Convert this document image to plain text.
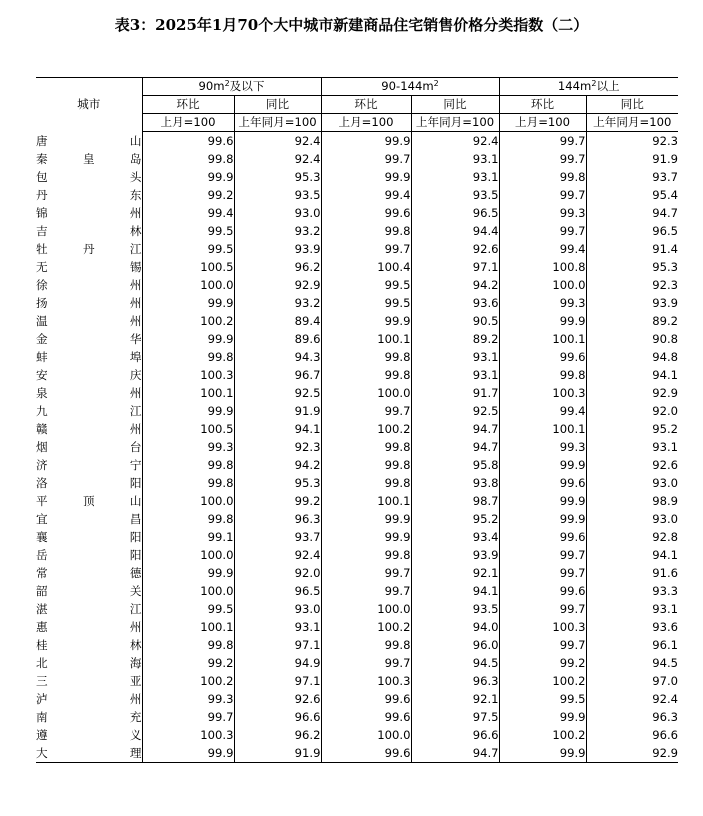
表3：2025年1月70个大中城市新建商品住宅销售价格分类指数（二）
城市	$90m^2$及以下		$90-144m^2$		$144m^2$以上	
	环比	同比	环比	同比	环比	同比
	上月=100	上年同月=100	上月=100	上年同月=100	上月=100	上年同月=100
唐山	99.6	92.4	99.9	92.4	99.7	92.3
秦皇岛	99.8	92.4	99.7	93.1	99.7	91.9
包头	99.9	95.3	99.9	93.1	99.8	93.7
丹东	99.2	93.5	99.4	93.5	99.7	95.4
锦州	99.4	93.0	99.6	96.5	99.3	94.7
吉林	99.5	93.2	99.8	94.4	99.7	96.5
牡丹江	99.5	93.9	99.7	92.6	99.4	91.4
无锡	100.5	96.2	100.4	97.1	100.8	95.3
徐州	100.0	92.9	99.5	94.2	100.0	92.3
扬州	99.9	93.2	99.5	93.6	99.3	93.9
温州	100.2	89.4	99.9	90.5	99.9	89.2
金华	99.9	89.6	100.1	89.2	100.1	90.8
蚌埠	99.8	94.3	99.8	93.1	99.6	94.8
安庆	100.3	96.7	99.8	93.1	99.8	94.1
泉州	100.1	92.5	100.0	91.7	100.3	92.9
九江	99.9	91.9	99.7	92.5	99.4	92.0
赣州	100.5	94.1	100.2	94.7	100.1	95.2
烟台	99.3	92.3	99.8	94.7	99.3	93.1
济宁	99.8	94.2	99.8	95.8	99.9	92.6
洛阳	99.8	95.3	99.8	93.8	99.6	93.0
平顶山	100.0	99.2	100.1	98.7	99.9	98.9
宜昌	99.8	96.3	99.9	95.2	99.9	93.0
襄阳	99.1	93.7	99.9	93.4	99.6	92.8
岳阳	100.0	92.4	99.8	93.9	99.7	94.1
常德	99.9	92.0	99.7	92.1	99.7	91.6
韶关	100.0	96.5	99.7	94.1	99.6	93.3
湛江	99.5	93.0	100.0	93.5	99.7	93.1
惠州	100.1	93.1	100.2	94.0	100.3	93.6
桂林	99.8	97.1	99.8	96.0	99.7	96.1
北海	99.2	94.9	99.7	94.5	99.2	94.5
三亚	100.2	97.1	100.3	96.3	100.2	97.0
泸州	99.3	92.6	99.6	92.1	99.5	92.4
南充	99.7	96.6	99.6	97.5	99.9	96.3
遵义	100.3	96.2	100.0	96.6	100.2	96.6
大理	99.9	91.9	99.6	94.7	99.9	92.9
